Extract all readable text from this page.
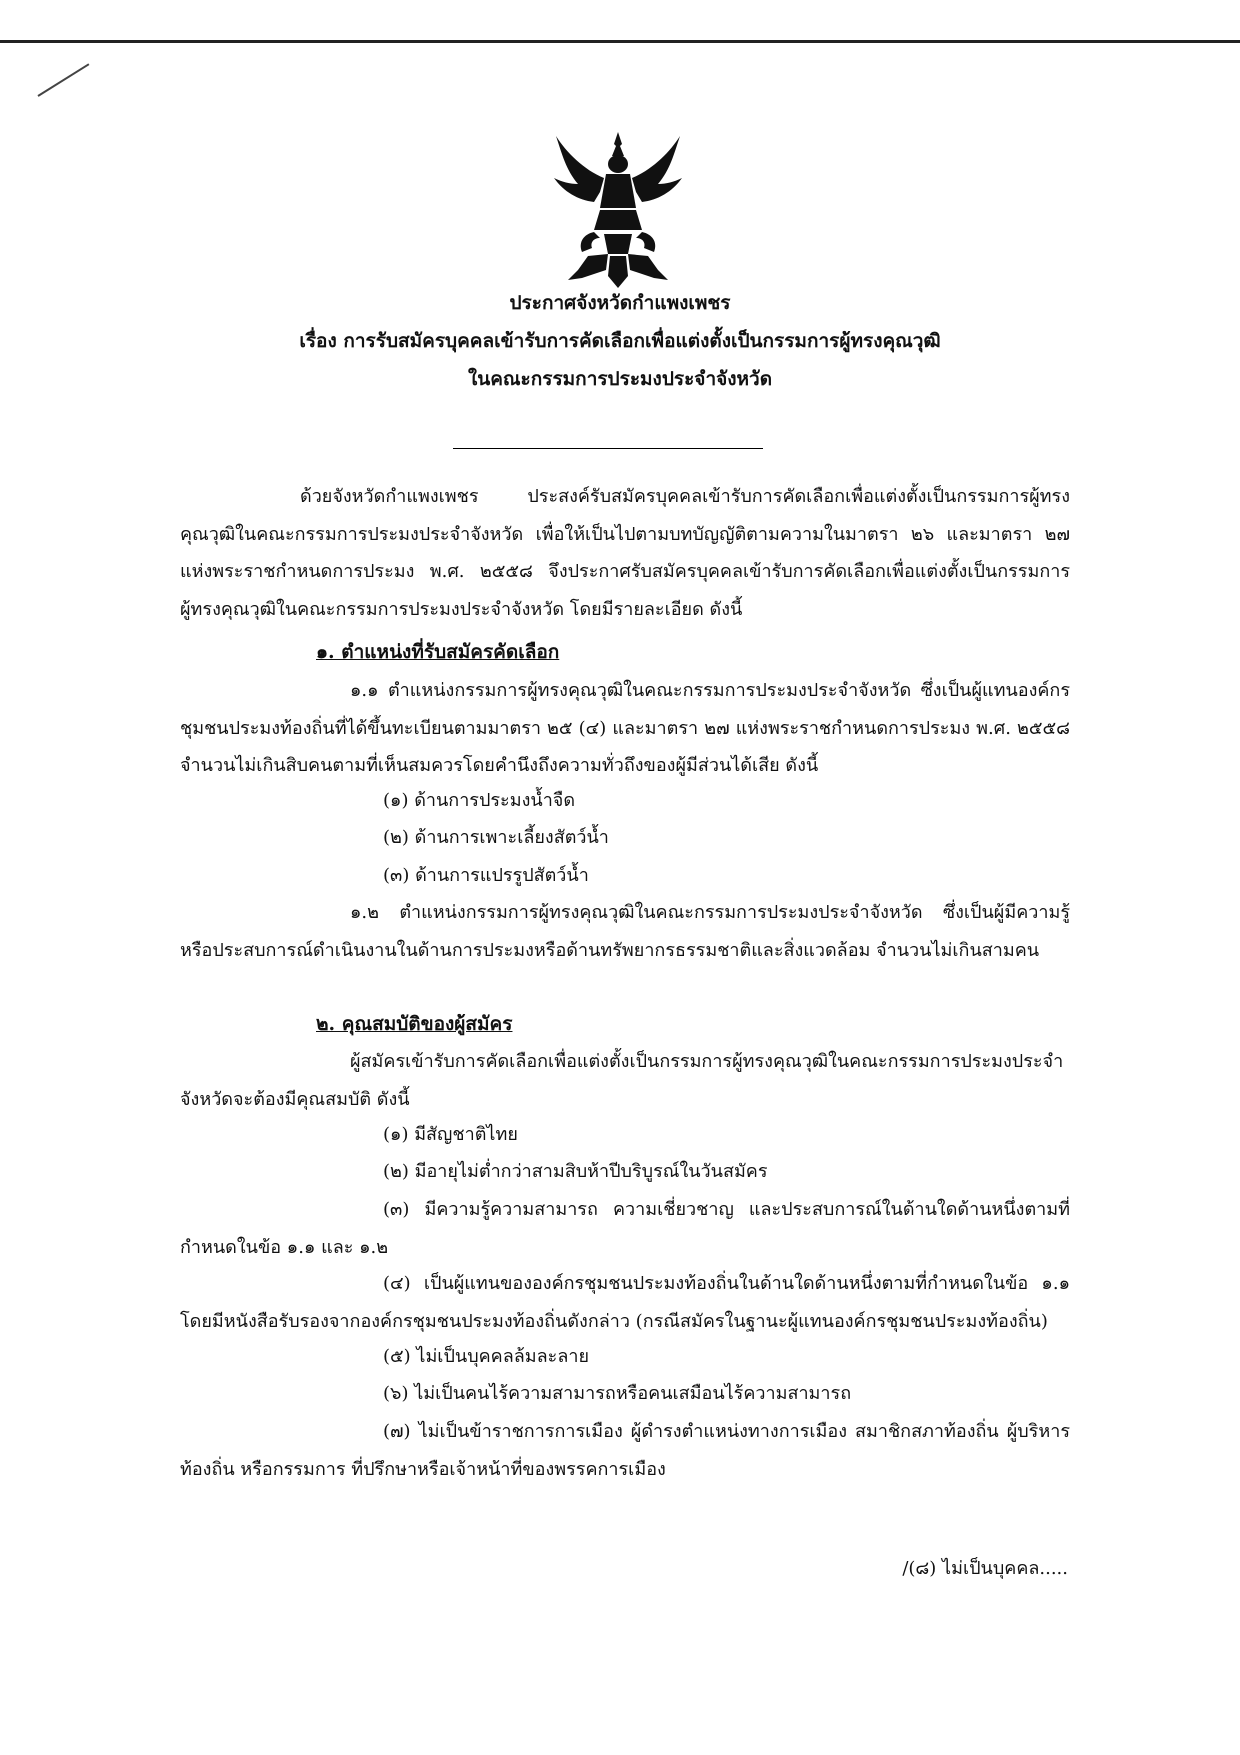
ประกาศจังหวัดกำแพงเพชร
เรื่อง การรับสมัครบุคคลเข้ารับการคัดเลือกเพื่อแต่งตั้งเป็นกรรมการผู้ทรงคุณวุฒิ
ในคณะกรรมการประมงประจำจังหวัด

ด้วยจังหวัดกำแพงเพชร ประสงค์รับสมัครบุคคลเข้ารับการคัดเลือกเพื่อแต่งตั้งเป็นกรรมการผู้ทรงคุณวุฒิในคณะกรรมการประมงประจำจังหวัด เพื่อให้เป็นไปตามบทบัญญัติตามความในมาตรา ๒๖ และมาตรา ๒๗ แห่งพระราชกำหนดการประมง พ.ศ. ๒๕๕๘ จึงประกาศรับสมัครบุคคลเข้ารับการคัดเลือกเพื่อแต่งตั้งเป็นกรรมการผู้ทรงคุณวุฒิในคณะกรรมการประมงประจำจังหวัด โดยมีรายละเอียด ดังนี้

๑. ตำแหน่งที่รับสมัครคัดเลือก

๑.๑ ตำแหน่งกรรมการผู้ทรงคุณวุฒิในคณะกรรมการประมงประจำจังหวัด ซึ่งเป็นผู้แทนองค์กรชุมชนประมงท้องถิ่นที่ได้ขึ้นทะเบียนตามมาตรา ๒๕ (๔) และมาตรา ๒๗ แห่งพระราชกำหนดการประมง พ.ศ. ๒๕๕๘ จำนวนไม่เกินสิบคนตามที่เห็นสมควรโดยคำนึงถึงความทั่วถึงของผู้มีส่วนได้เสีย ดังนี้

(๑) ด้านการประมงน้ำจืด
(๒) ด้านการเพาะเลี้ยงสัตว์น้ำ
(๓) ด้านการแปรรูปสัตว์น้ำ

๑.๒ ตำแหน่งกรรมการผู้ทรงคุณวุฒิในคณะกรรมการประมงประจำจังหวัด ซึ่งเป็นผู้มีความรู้หรือประสบการณ์ดำเนินงานในด้านการประมงหรือด้านทรัพยากรธรรมชาติและสิ่งแวดล้อม จำนวนไม่เกินสามคน

๒. คุณสมบัติของผู้สมัคร

ผู้สมัครเข้ารับการคัดเลือกเพื่อแต่งตั้งเป็นกรรมการผู้ทรงคุณวุฒิในคณะกรรมการประมงประจำจังหวัดจะต้องมีคุณสมบัติ ดังนี้

(๑) มีสัญชาติไทย
(๒) มีอายุไม่ต่ำกว่าสามสิบห้าปีบริบูรณ์ในวันสมัคร

(๓) มีความรู้ความสามารถ ความเชี่ยวชาญ และประสบการณ์ในด้านใดด้านหนึ่งตามที่กำหนดในข้อ ๑.๑ และ ๑.๒

(๔) เป็นผู้แทนขององค์กรชุมชนประมงท้องถิ่นในด้านใดด้านหนึ่งตามที่กำหนดในข้อ ๑.๑ โดยมีหนังสือรับรองจากองค์กรชุมชนประมงท้องถิ่นดังกล่าว (กรณีสมัครในฐานะผู้แทนองค์กรชุมชนประมงท้องถิ่น)

(๕) ไม่เป็นบุคคลล้มละลาย
(๖) ไม่เป็นคนไร้ความสามารถหรือคนเสมือนไร้ความสามารถ

(๗) ไม่เป็นข้าราชการการเมือง ผู้ดำรงตำแหน่งทางการเมือง สมาชิกสภาท้องถิ่น ผู้บริหารท้องถิ่น หรือกรรมการ ที่ปรึกษาหรือเจ้าหน้าที่ของพรรคการเมือง

/(๘) ไม่เป็นบุคคล.....
